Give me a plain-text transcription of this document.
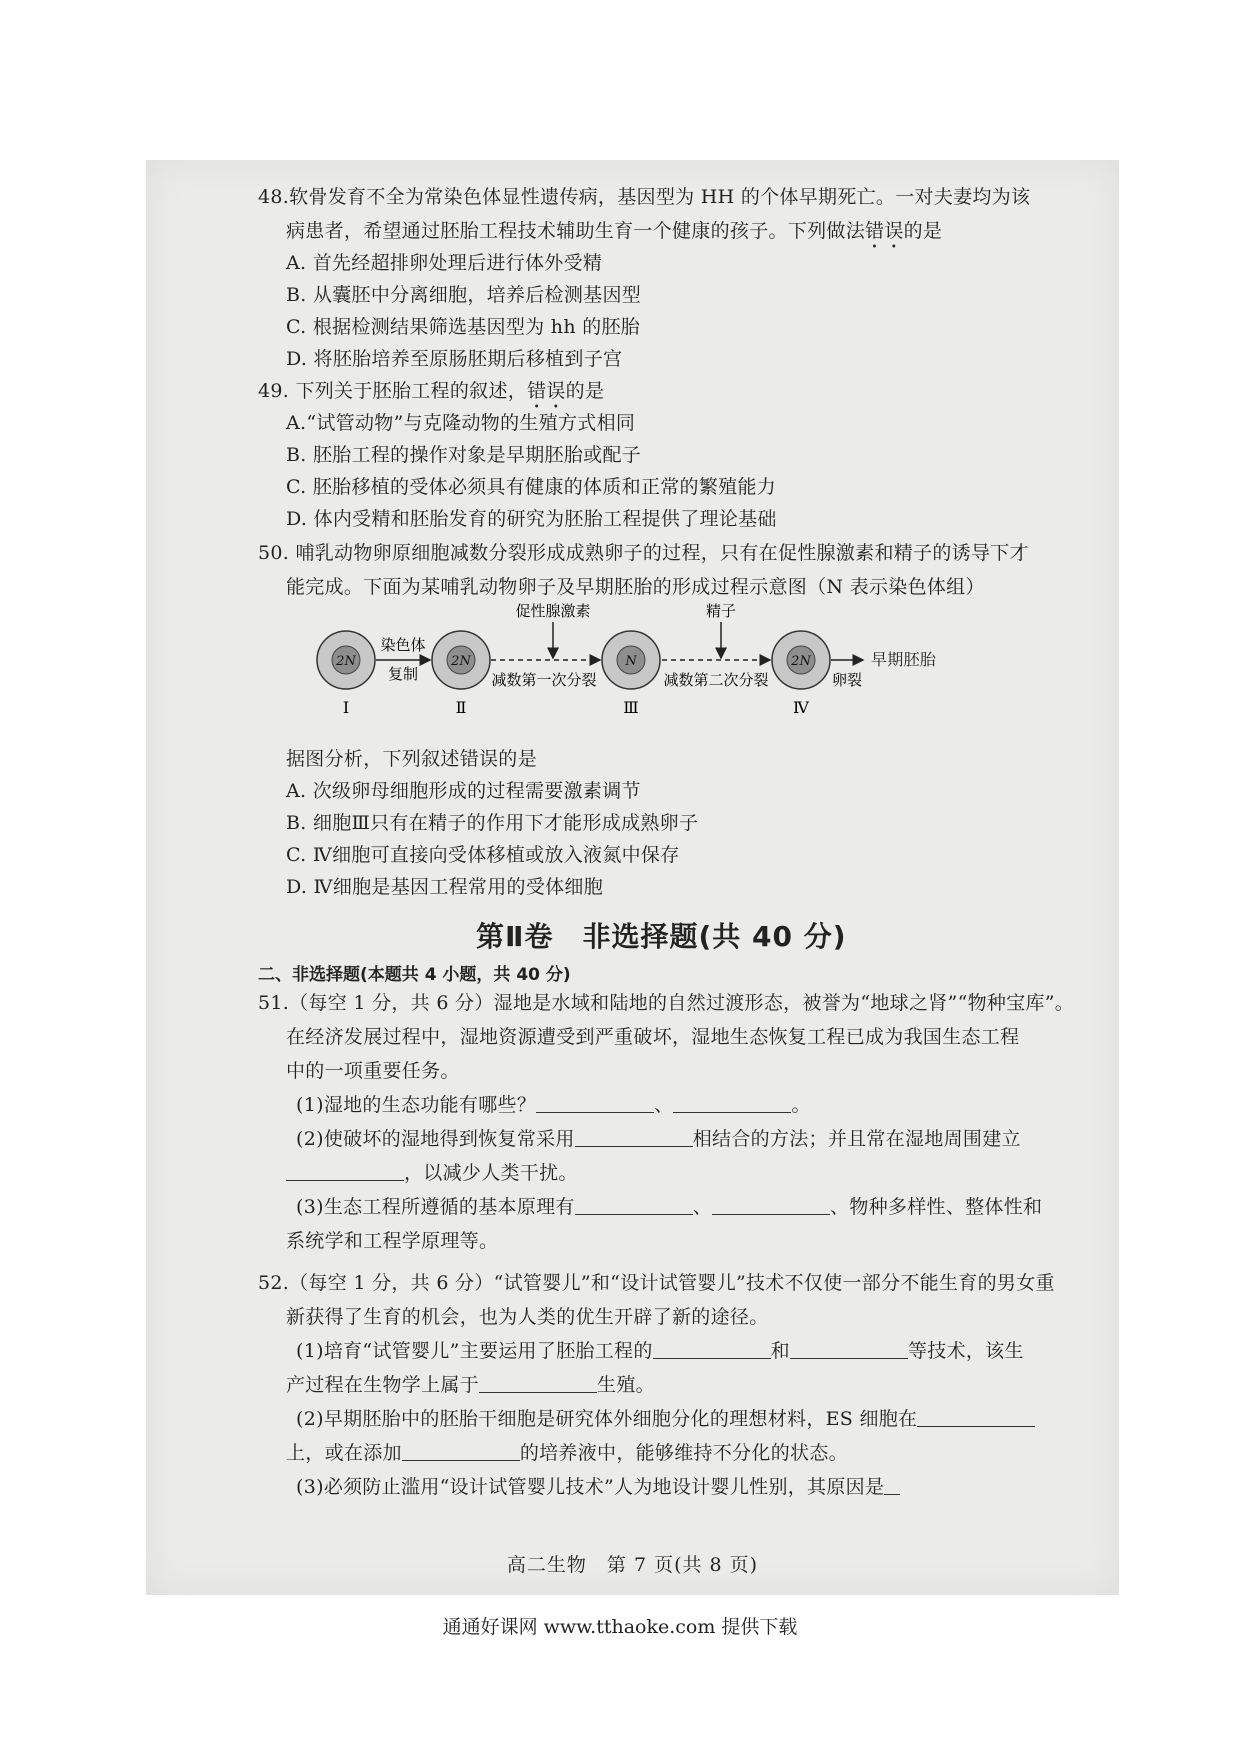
48.软骨发育不全为常染色体显性遗传病，基因型为 HH 的个体早期死亡。一对夫妻均为该
病患者，希望通过胚胎工程技术辅助生育一个健康的孩子。下列做法错误的是
A. 首先经超排卵处理后进行体外受精
B. 从囊胚中分离细胞，培养后检测基因型
C. 根据检测结果筛选基因型为 hh 的胚胎
D. 将胚胎培养至原肠胚期后移植到子宫
49. 下列关于胚胎工程的叙述，错误的是
A.“试管动物”与克隆动物的生殖方式相同
B. 胚胎工程的操作对象是早期胚胎或配子
C. 胚胎移植的受体必须具有健康的体质和正常的繁殖能力
D. 体内受精和胚胎发育的研究为胚胎工程提供了理论基础
50. 哺乳动物卵原细胞减数分裂形成成熟卵子的过程，只有在促性腺激素和精子的诱导下才
能完成。下面为某哺乳动物卵子及早期胚胎的形成过程示意图（N 表示染色体组）
2N
Ⅰ
2N
Ⅱ
N
Ⅲ
2N
Ⅳ
染色体
复制
促性腺激素
减数第一次分裂
精子
减数第二次分裂	卵裂
早期胚胎
据图分析，下列叙述错误的是
A. 次级卵母细胞形成的过程需要激素调节
B. 细胞Ⅲ只有在精子的作用下才能形成成熟卵子
C. Ⅳ细胞可直接向受体移植或放入液氮中保存
D. Ⅳ细胞是基因工程常用的受体细胞
第Ⅱ卷　非选择题(共 40 分)
二、非选择题(本题共 4 小题，共 40 分)
51.（每空 1 分，共 6 分）湿地是水域和陆地的自然过渡形态，被誉为“地球之肾”“物种宝库”。
在经济发展过程中，湿地资源遭受到严重破坏，湿地生态恢复工程已成为我国生态工程
中的一项重要任务。
(1)湿地的生态功能有哪些？	、	。
(2)使破坏的湿地得到恢复常采用	相结合的方法；并且常在湿地周围建立
，以减少人类干扰。
(3)生态工程所遵循的基本原理有	、	、物种多样性、整体性和
系统学和工程学原理等。
52.（每空 1 分，共 6 分）“试管婴儿”和“设计试管婴儿”技术不仅使一部分不能生育的男女重
新获得了生育的机会，也为人类的优生开辟了新的途径。
(1)培育“试管婴儿”主要运用了胚胎工程的	和	等技术，该生
产过程在生物学上属于	生殖。
(2)早期胚胎中的胚胎干细胞是研究体外细胞分化的理想材料，ES 细胞在
上，或在添加	的培养液中，能够维持不分化的状态。
(3)必须防止滥用“设计试管婴儿技术”人为地设计婴儿性别，其原因是
高二生物　第 7 页(共 8 页)
通通好课网 www.tthaoke.com 提供下载
